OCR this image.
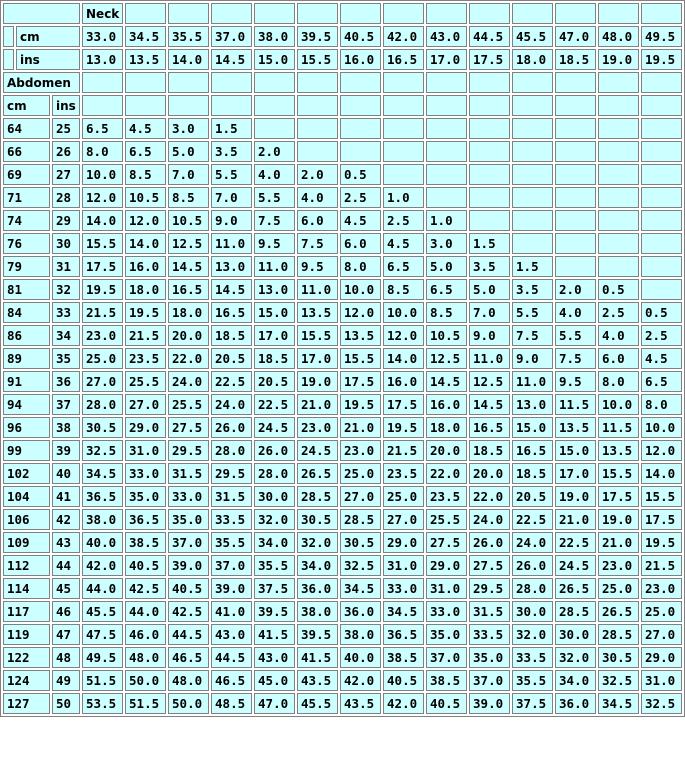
			Neck													
	cm		33.0	34.5	35.5	37.0	38.0	39.5	40.5	42.0	43.0	44.5	45.5	47.0	48.0	49.5
	ins		13.0	13.5	14.0	14.5	15.0	15.5	16.0	16.5	17.0	17.5	18.0	18.5	19.0	19.5
Abdomen																
cm		ins														
64		25	6.5	4.5	3.0	1.5										
66		26	8.0	6.5	5.0	3.5	2.0									
69		27	10.0	8.5	7.0	5.5	4.0	2.0	0.5							
71		28	12.0	10.5	8.5	7.0	5.5	4.0	2.5	1.0						
74		29	14.0	12.0	10.5	9.0	7.5	6.0	4.5	2.5	1.0					
76		30	15.5	14.0	12.5	11.0	9.5	7.5	6.0	4.5	3.0	1.5				
79		31	17.5	16.0	14.5	13.0	11.0	9.5	8.0	6.5	5.0	3.5	1.5			
81		32	19.5	18.0	16.5	14.5	13.0	11.0	10.0	8.5	6.5	5.0	3.5	2.0	0.5	
84		33	21.5	19.5	18.0	16.5	15.0	13.5	12.0	10.0	8.5	7.0	5.5	4.0	2.5	0.5
86		34	23.0	21.5	20.0	18.5	17.0	15.5	13.5	12.0	10.5	9.0	7.5	5.5	4.0	2.5
89		35	25.0	23.5	22.0	20.5	18.5	17.0	15.5	14.0	12.5	11.0	9.0	7.5	6.0	4.5
91		36	27.0	25.5	24.0	22.5	20.5	19.0	17.5	16.0	14.5	12.5	11.0	9.5	8.0	6.5
94		37	28.0	27.0	25.5	24.0	22.5	21.0	19.5	17.5	16.0	14.5	13.0	11.5	10.0	8.0
96		38	30.5	29.0	27.5	26.0	24.5	23.0	21.0	19.5	18.0	16.5	15.0	13.5	11.5	10.0
99		39	32.5	31.0	29.5	28.0	26.0	24.5	23.0	21.5	20.0	18.5	16.5	15.0	13.5	12.0
102		40	34.5	33.0	31.5	29.5	28.0	26.5	25.0	23.5	22.0	20.0	18.5	17.0	15.5	14.0
104		41	36.5	35.0	33.0	31.5	30.0	28.5	27.0	25.0	23.5	22.0	20.5	19.0	17.5	15.5
106		42	38.0	36.5	35.0	33.5	32.0	30.5	28.5	27.0	25.5	24.0	22.5	21.0	19.0	17.5
109		43	40.0	38.5	37.0	35.5	34.0	32.0	30.5	29.0	27.5	26.0	24.0	22.5	21.0	19.5
112		44	42.0	40.5	39.0	37.0	35.5	34.0	32.5	31.0	29.0	27.5	26.0	24.5	23.0	21.5
114		45	44.0	42.5	40.5	39.0	37.5	36.0	34.5	33.0	31.0	29.5	28.0	26.5	25.0	23.0
117		46	45.5	44.0	42.5	41.0	39.5	38.0	36.0	34.5	33.0	31.5	30.0	28.5	26.5	25.0
119		47	47.5	46.0	44.5	43.0	41.5	39.5	38.0	36.5	35.0	33.5	32.0	30.0	28.5	27.0
122		48	49.5	48.0	46.5	44.5	43.0	41.5	40.0	38.5	37.0	35.0	33.5	32.0	30.5	29.0
124		49	51.5	50.0	48.0	46.5	45.0	43.5	42.0	40.5	38.5	37.0	35.5	34.0	32.5	31.0
127		50	53.5	51.5	50.0	48.5	47.0	45.5	43.5	42.0	40.5	39.0	37.5	36.0	34.5	32.5
